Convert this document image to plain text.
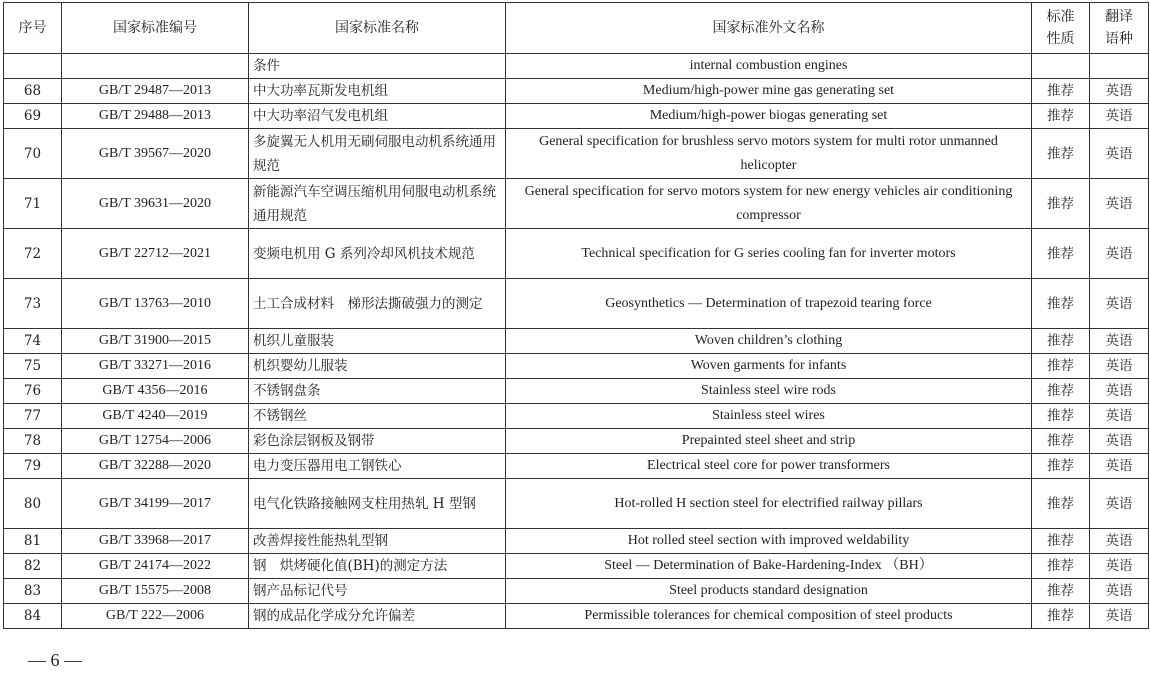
序号	国家标准编号	国家标准名称	国家标准外文名称	标准性质	翻译语种
		条件	internal combustion engines		
68	GB/T 29487—2013	中大功率瓦斯发电机组	Medium/high-power mine gas generating set	推荐	英语
69	GB/T 29488—2013	中大功率沼气发电机组	Medium/high-power biogas generating set	推荐	英语
70	GB/T 39567—2020	多旋翼无人机用无刷伺服电动机系统通用规范	General specification for brushless servo motors system for multi rotor unmanned helicopter	推荐	英语
71	GB/T 39631—2020	新能源汽车空调压缩机用伺服电动机系统通用规范	General specification for servo motors system for new energy vehicles air conditioning compressor	推荐	英语
72	GB/T 22712—2021	变频电机用 G 系列冷却风机技术规范	Technical specification for G series cooling fan for inverter motors	推荐	英语
73	GB/T 13763—2010	土工合成材料　梯形法撕破强力的测定	Geosynthetics — Determination of trapezoid tearing force	推荐	英语
74	GB/T 31900—2015	机织儿童服装	Woven children’s clothing	推荐	英语
75	GB/T 33271—2016	机织婴幼儿服装	Woven garments for infants	推荐	英语
76	GB/T 4356—2016	不锈钢盘条	Stainless steel wire rods	推荐	英语
77	GB/T 4240—2019	不锈钢丝	Stainless steel wires	推荐	英语
78	GB/T 12754—2006	彩色涂层钢板及钢带	Prepainted steel sheet and strip	推荐	英语
79	GB/T 32288—2020	电力变压器用电工钢铁心	Electrical steel core for power transformers	推荐	英语
80	GB/T 34199—2017	电气化铁路接触网支柱用热轧 H 型钢	Hot-rolled H section steel for electrified railway pillars	推荐	英语
81	GB/T 33968—2017	改善焊接性能热轧型钢	Hot rolled steel section with improved weldability	推荐	英语
82	GB/T 24174—2022	钢　烘烤硬化值(BH)的测定方法	Steel — Determination of Bake-Hardening-Index （BH）	推荐	英语
83	GB/T 15575—2008	钢产品标记代号	Steel products standard designation	推荐	英语
84	GB/T 222—2006	钢的成品化学成分允许偏差	Permissible tolerances for chemical composition of steel products	推荐	英语
— 6 —
